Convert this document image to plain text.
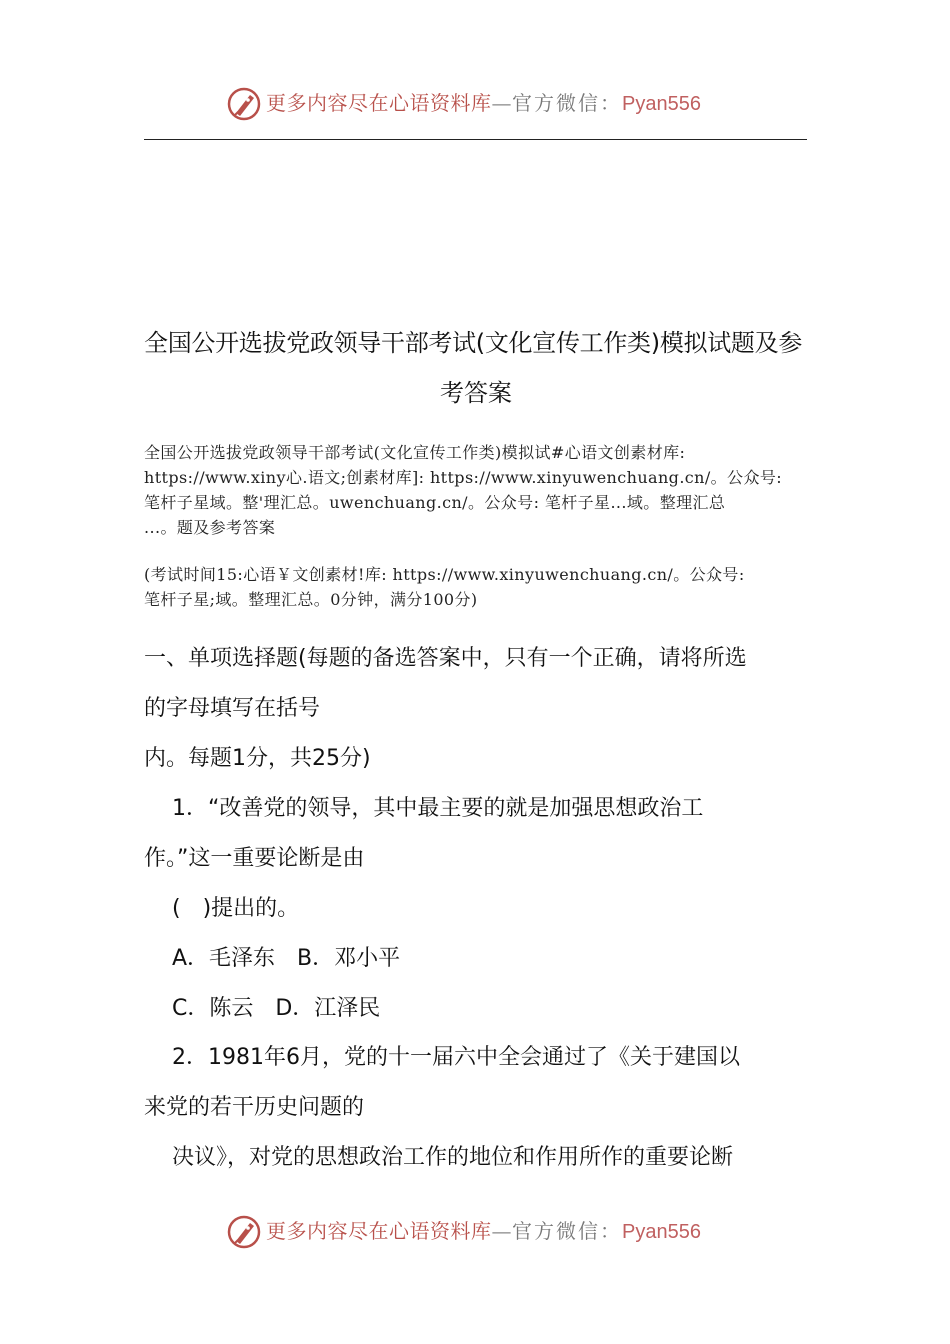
更多内容尽在心语资料库—官方微信：Pyan556
全国公开选拔党政领导干部考试(文化宣传工作类)模拟试题及参
考答案
全国公开选拔党政领导干部考试(文化宣传工作类)模拟试#心语文创素材库:
https://www.xiny心.语文;创素材库]: https://www.xinyuwenchuang.cn/。公众号:
笔杆子星域。整'理汇总。uwenchuang.cn/。公众号: 笔杆子星...域。整理汇总
...。题及参考答案
(考试时间15:心语￥文创素材!库: https://www.xinyuwenchuang.cn/。公众号:
笔杆子星;域。整理汇总。0分钟，满分100分)
一、单项选择题(每题的备选答案中，只有一个正确，请将所选
的字母填写在括号
内。每题1分，共25分)
1．“改善党的领导，其中最主要的就是加强思想政治工
作。”这一重要论断是由
(　)提出的。
A．毛泽东　B．邓小平
C．陈云　D．江泽民
2．1981年6月，党的十一届六中全会通过了《关于建国以
来党的若干历史问题的
决议》，对党的思想政治工作的地位和作用所作的重要论断
更多内容尽在心语资料库—官方微信：Pyan556
